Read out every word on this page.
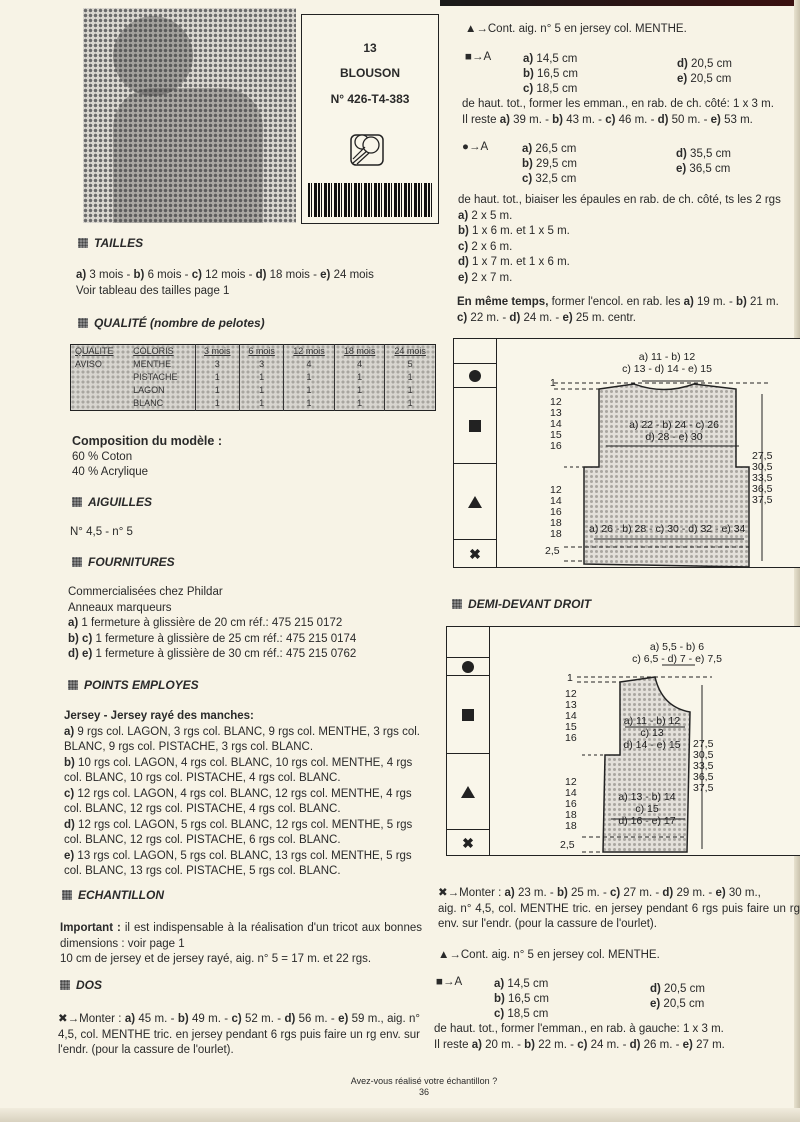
13
BLOUSON
N° 426-T4-383
TAILLES
a) 3 mois - b) 6 mois - c) 12 mois - d) 18 mois - e) 24 mois
Voir tableau des tailles page 1
QUALITÉ (nombre de pelotes)
QUALITE	COLORIS	3 mois	6 mois	12 mois	18 mois	24 mois
AVISO	MENTHE	3	3	4	4	5
	PISTACHE	1	1	1	1	1
	LAGON	1	1	1	1	1
	BLANC	1	1	1	1	1
Composition du modèle :
60 % Coton
40 % Acrylique
AIGUILLES
N° 4,5 - n° 5
FOURNITURES
Commercialisées chez Phildar
Anneaux marqueurs
a) 1 fermeture à glissière de 20 cm réf.: 475 215 0172
b) c) 1 fermeture à glissière de 25 cm réf.: 475 215 0174
d) e) 1 fermeture à glissière de 30 cm réf.: 475 215 0762
POINTS EMPLOYES
Jersey - Jersey rayé des manches:
a) 9 rgs col. LAGON, 3 rgs col. BLANC, 9 rgs col. MENTHE, 3 rgs col. BLANC, 9 rgs col. PISTACHE, 3 rgs col. BLANC.
b) 10 rgs col. LAGON, 4 rgs col. BLANC, 10 rgs col. MENTHE, 4 rgs col. BLANC, 10 rgs col. PISTACHE, 4 rgs col. BLANC.
c) 12 rgs col. LAGON, 4 rgs col. BLANC, 12 rgs col. MENTHE, 4 rgs col. BLANC, 12 rgs col. PISTACHE, 4 rgs col. BLANC.
d) 12 rgs col. LAGON, 5 rgs col. BLANC, 12 rgs col. MENTHE, 5 rgs col. BLANC, 12 rgs col. PISTACHE, 6 rgs col. BLANC.
e) 13 rgs col. LAGON, 5 rgs col. BLANC, 13 rgs col. MENTHE, 5 rgs col. BLANC, 13 rgs col. PISTACHE, 5 rgs col. BLANC.
ECHANTILLON
Important : il est indispensable à la réalisation d'un tricot aux bonnes dimensions : voir page 1
10 cm de jersey et de jersey rayé, aig. n° 5 = 17 m. et 22 rgs.
DOS
✖→Monter : a) 45 m. - b) 49 m. - c) 52 m. - d) 56 m. - e) 59 m., aig. n° 4,5, col. MENTHE tric. en jersey pendant 6 rgs puis faire un rg env. sur l'endr. (pour la cassure de l'ourlet).
▲→Cont. aig. n° 5 en jersey col. MENTHE.
■→A	a) 14,5 cm
b) 16,5 cm
c) 18,5 cm
d) 20,5 cm
e) 20,5 cm
de haut. tot., former les emman., en rab. de ch. côté: 1 x 3 m.
Il reste a) 39 m. - b) 43 m. - c) 46 m. - d) 50 m. - e) 53 m.
●→A	a) 26,5 cm
b) 29,5 cm
c) 32,5 cm
d) 35,5 cm
e) 36,5 cm
de haut. tot., biaiser les épaules en rab. de ch. côté, ts les 2 rgs
a) 2 x 5 m.
b) 1 x 6 m. et 1 x 5 m.
c) 2 x 6 m.
d) 1 x 7 m. et 1 x 6 m.
e) 2 x 7 m.
En même temps, former l'encol. en rab. les a) 19 m. - b) 21 m.
c) 22 m. - d) 24 m. - e) 25 m. centr.
✖
a) 11 - b) 12
c) 13 - d) 14 - e) 15
1
12
13
14
15
16
a) 22 - b) 24 - c) 26
d) 28 - e) 30
12
14
16
18
18	a) 26 - b) 28 - c) 30 - d) 32 - e) 34
2,5
27,5
30,5
33,5
36,5
37,5
DEMI-DEVANT DROIT
✖
a) 5,5 - b) 6
c) 6,5 - d) 7 - e) 7,5
1
12
13
14
15
16
a) 11 - b) 12
c) 13
d) 14 - e) 15
12
14
16
18
18
a) 13 - b) 14
c) 15
d) 16 - e) 17
2,5
27,5
30,5
33,5
36,5
37,5
✖→Monter : a) 23 m. - b) 25 m. - c) 27 m. - d) 29 m. - e) 30 m.,
aig. n° 4,5, col. MENTHE tric. en jersey pendant 6 rgs puis faire un rg env. sur l'endr. (pour la cassure de l'ourlet).
▲→Cont. aig. n° 5 en jersey col. MENTHE.
■→A	a) 14,5 cm
b) 16,5 cm
c) 18,5 cm
d) 20,5 cm
e) 20,5 cm
de haut. tot., former l'emman., en rab. à gauche: 1 x 3 m.
Il reste a) 20 m. - b) 22 m. - c) 24 m. - d) 26 m. - e) 27 m.
Avez-vous réalisé votre échantillon ?
36
